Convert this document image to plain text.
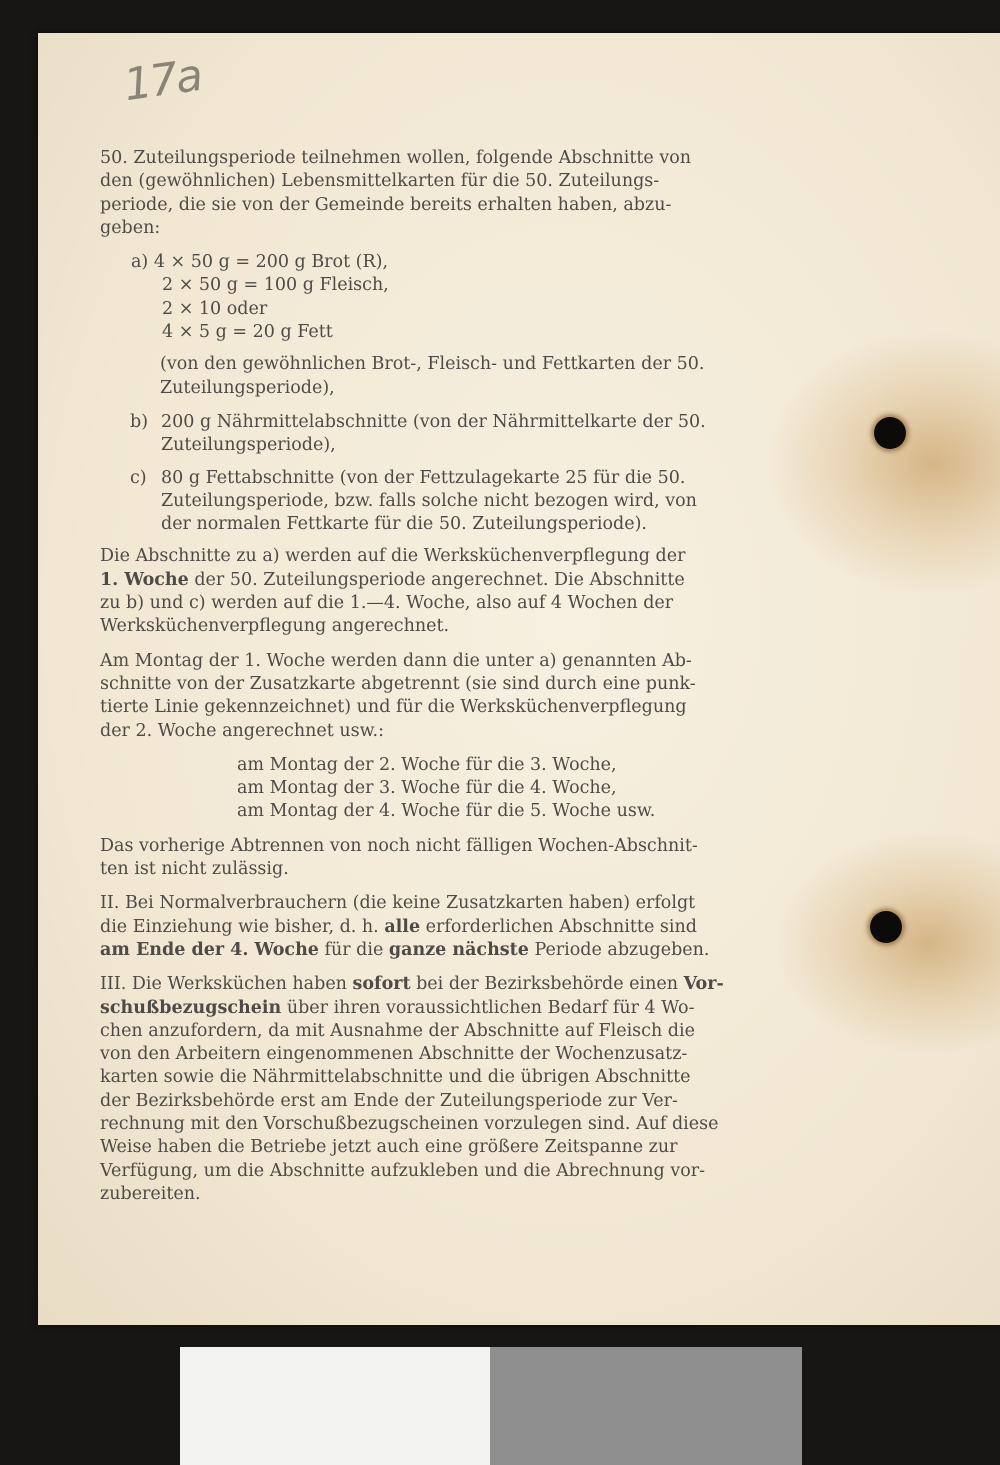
17a

50. Zuteilungsperiode teilnehmen wollen, folgende Abschnitte von
den (gewöhnlichen) Lebensmittelkarten für die 50. Zuteilungs-
periode, die sie von der Gemeinde bereits erhalten haben, abzu-
geben:

a) 4 × 50 g = 200 g Brot (R),
2 × 50 g = 100 g Fleisch,
2 × 10 oder
4 × 5 g = 20 g Fett

(von den gewöhnlichen Brot-, Fleisch- und Fettkarten der 50.
Zuteilungsperiode),

b) 200 g Nährmittelabschnitte (von der Nährmittelkarte der 50.
Zuteilungsperiode),
c) 80 g Fettabschnitte (von der Fettzulagekarte 25 für die 50.
Zuteilungsperiode, bzw. falls solche nicht bezogen wird, von
der normalen Fettkarte für die 50. Zuteilungsperiode).

Die Abschnitte zu a) werden auf die Werksküchenverpflegung der
1. Woche der 50. Zuteilungsperiode angerechnet. Die Abschnitte
zu b) und c) werden auf die 1.—4. Woche, also auf 4 Wochen der
Werksküchenverpflegung angerechnet.

Am Montag der 1. Woche werden dann die unter a) genannten Ab-
schnitte von der Zusatzkarte abgetrennt (sie sind durch eine punk-
tierte Linie gekennzeichnet) und für die Werksküchenverpflegung
der 2. Woche angerechnet usw.:

am Montag der 2. Woche für die 3. Woche,
am Montag der 3. Woche für die 4. Woche,
am Montag der 4. Woche für die 5. Woche usw.

Das vorherige Abtrennen von noch nicht fälligen Wochen-Abschnit-
ten ist nicht zulässig.

II. Bei Normalverbrauchern (die keine Zusatzkarten haben) erfolgt
die Einziehung wie bisher, d. h. alle erforderlichen Abschnitte sind
am Ende der 4. Woche für die ganze nächste Periode abzugeben.

III. Die Werksküchen haben sofort bei der Bezirksbehörde einen Vor-
schußbezugschein über ihren voraussichtlichen Bedarf für 4 Wo-
chen anzufordern, da mit Ausnahme der Abschnitte auf Fleisch die
von den Arbeitern eingenommenen Abschnitte der Wochenzusatz-
karten sowie die Nährmittelabschnitte und die übrigen Abschnitte
der Bezirksbehörde erst am Ende der Zuteilungsperiode zur Ver-
rechnung mit den Vorschußbezugscheinen vorzulegen sind. Auf diese
Weise haben die Betriebe jetzt auch eine größere Zeitspanne zur
Verfügung, um die Abschnitte aufzukleben und die Abrechnung vor-
zubereiten.
